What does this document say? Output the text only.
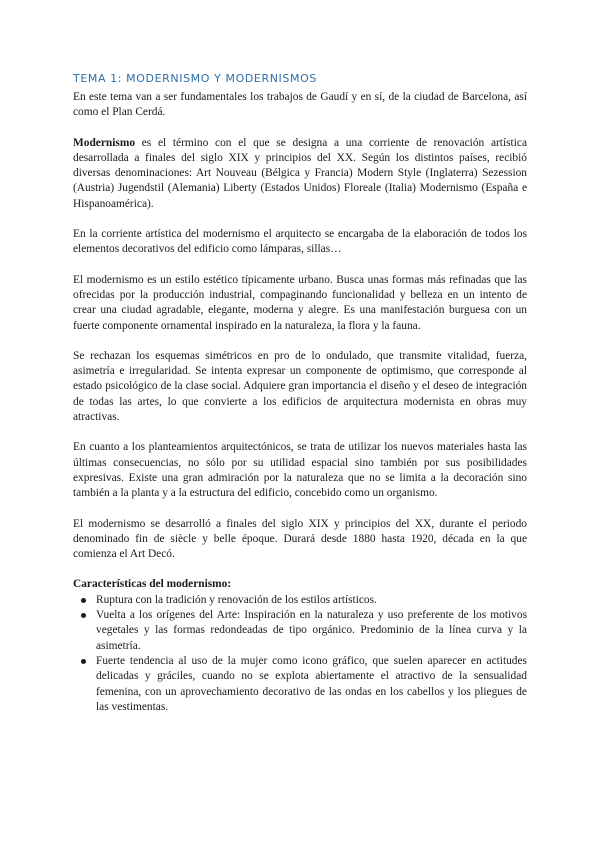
TEMA 1: MODERNISMO Y MODERNISMOS

En este tema van a ser fundamentales los trabajos de Gaudí y en sí, de la ciudad de Barcelona, así como el Plan Cerdá.

Modernismo es el término con el que se designa a una corriente de renovación artística desarrollada a finales del siglo XIX y principios del XX. Según los distintos países, recibió diversas denominaciones: Art Nouveau (Bélgica y Francia) Modern Style (Inglaterra) Sezession (Austria) Jugendstil (Alemania) Liberty (Estados Unidos) Floreale (Italia) Modernismo (España e Hispanoamérica).

En la corriente artística del modernismo el arquitecto se encargaba de la elaboración de todos los elementos decorativos del edificio como lámparas, sillas…

El modernismo es un estilo estético típicamente urbano. Busca unas formas más refinadas que las ofrecidas por la producción industrial, compaginando funcionalidad y belleza en un intento de crear una ciudad agradable, elegante, moderna y alegre. Es una manifestación burguesa con un fuerte componente ornamental inspirado en la naturaleza, la flora y la fauna.

Se rechazan los esquemas simétricos en pro de lo ondulado, que transmite vitalidad, fuerza, asimetría e irregularidad. Se intenta expresar un componente de optimismo, que corresponde al estado psicológico de la clase social. Adquiere gran importancia el diseño y el deseo de integración de todas las artes, lo que convierte a los edificios de arquitectura modernista en obras muy atractivas.

En cuanto a los planteamientos arquitectónicos, se trata de utilizar los nuevos materiales hasta las últimas consecuencias, no sólo por su utilidad espacial sino también por sus posibilidades expresivas. Existe una gran admiración por la naturaleza que no se limita a la decoración sino también a la planta y a la estructura del edificio, concebido como un organismo.

El modernismo se desarrolló a finales del siglo XIX y principios del XX, durante el periodo denominado fin de siècle y belle époque. Durará desde 1880 hasta 1920, década en la que comienza el Art Decó.

Características del modernismo:
Ruptura con la tradición y renovación de los estilos artísticos.
Vuelta a los orígenes del Arte: Inspiración en la naturaleza y uso preferente de los motivos vegetales y las formas redondeadas de tipo orgánico. Predominio de la línea curva y la asimetría.
Fuerte tendencia al uso de la mujer como icono gráfico, que suelen aparecer en actitudes delicadas y gráciles, cuando no se explota abiertamente el atractivo de la sensualidad femenina, con un aprovechamiento decorativo de las ondas en los cabellos y los pliegues de las vestimentas.
